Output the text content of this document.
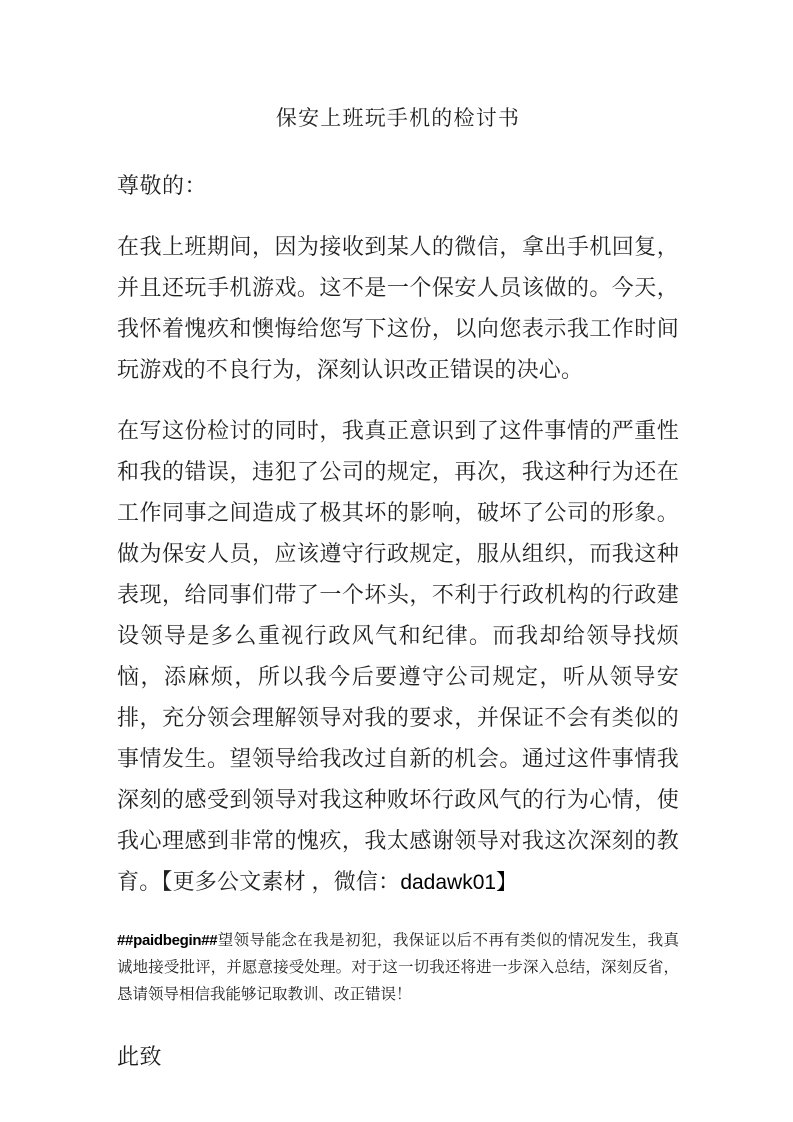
保安上班玩手机的检讨书

尊敬的：

在我上班期间，因为接收到某人的微信，拿出手机回复，并且还玩手机游戏。这不是一个保安人员该做的。今天，我怀着愧疚和懊悔给您写下这份，以向您表示我工作时间玩游戏的不良行为，深刻认识改正错误的决心。

在写这份检讨的同时，我真正意识到了这件事情的严重性和我的错误，违犯了公司的规定，再次，我这种行为还在工作同事之间造成了极其坏的影响，破坏了公司的形象。做为保安人员，应该遵守行政规定，服从组织，而我这种表现，给同事们带了一个坏头，不利于行政机构的行政建设领导是多么重视行政风气和纪律。而我却给领导找烦恼，添麻烦，所以我今后要遵守公司规定，听从领导安排，充分领会理解领导对我的要求，并保证不会有类似的事情发生。望领导给我改过自新的机会。通过这件事情我深刻的感受到领导对我这种败坏行政风气的行为心情，使我心理感到非常的愧疚，我太感谢领导对我这次深刻的教育。【更多公文素材 ，微信：dadawk01】

##paidbegin##望领导能念在我是初犯，我保证以后不再有类似的情况发生，我真诚地接受批评，并愿意接受处理。对于这一切我还将进一步深入总结，深刻反省，恳请领导相信我能够记取教训、改正错误！

此致
